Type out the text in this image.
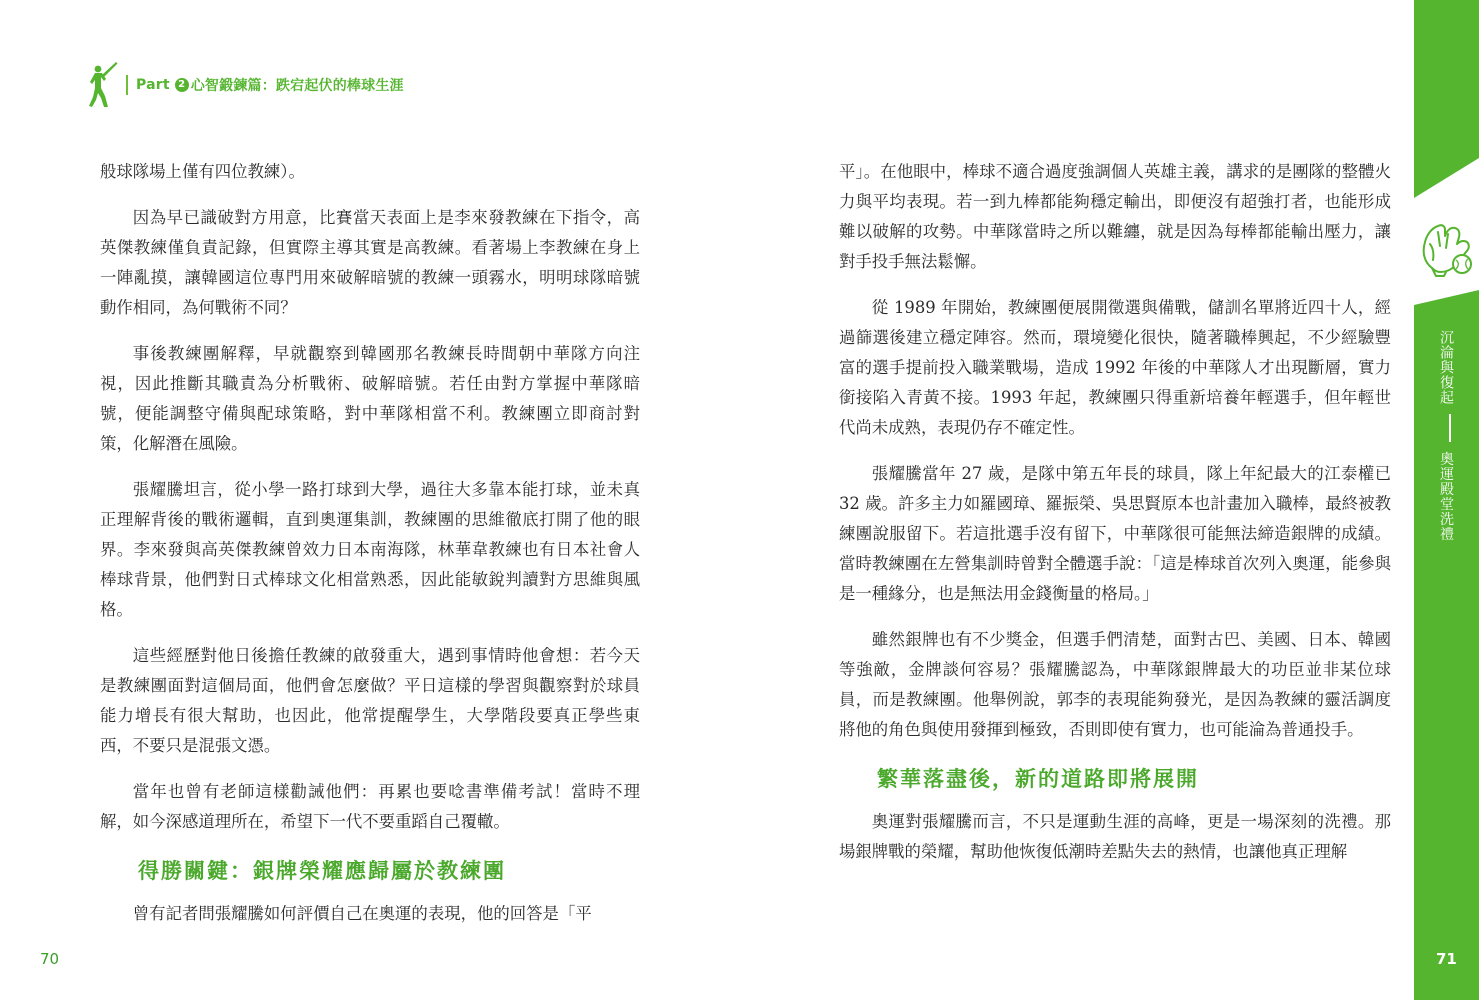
Part 2 心智鍛鍊篇：跌宕起伏的棒球生涯

般球隊場上僅有四位教練）。

因為早已識破對方用意，比賽當天表面上是李來發教練在下指令，高英傑教練僅負責記錄，但實際主導其實是高教練。看著場上李教練在身上一陣亂摸，讓韓國這位專門用來破解暗號的教練一頭霧水，明明球隊暗號動作相同，為何戰術不同？

事後教練團解釋，早就觀察到韓國那名教練長時間朝中華隊方向注視，因此推斷其職責為分析戰術、破解暗號。若任由對方掌握中華隊暗號，便能調整守備與配球策略，對中華隊相當不利。教練團立即商討對策，化解潛在風險。

張耀騰坦言，從小學一路打球到大學，過往大多靠本能打球，並未真正理解背後的戰術邏輯，直到奧運集訓，教練團的思維徹底打開了他的眼界。李來發與高英傑教練曾效力日本南海隊，林華韋教練也有日本社會人棒球背景，他們對日式棒球文化相當熟悉，因此能敏銳判讀對方思維與風格。

這些經歷對他日後擔任教練的啟發重大，遇到事情時他會想：若今天是教練團面對這個局面，他們會怎麼做？平日這樣的學習與觀察對於球員能力增長有很大幫助，也因此，他常提醒學生，大學階段要真正學些東西，不要只是混張文憑。

當年也曾有老師這樣勸誡他們：再累也要唸書準備考試！當時不理解，如今深感道理所在，希望下一代不要重蹈自己覆轍。

得勝關鍵：銀牌榮耀應歸屬於教練團

曾有記者問張耀騰如何評價自己在奧運的表現，他的回答是「平

平」。在他眼中，棒球不適合過度強調個人英雄主義，講求的是團隊的整體火力與平均表現。若一到九棒都能夠穩定輸出，即便沒有超強打者，也能形成難以破解的攻勢。中華隊當時之所以難纏，就是因為每棒都能輸出壓力，讓對手投手無法鬆懈。

從 1989 年開始，教練團便展開徵選與備戰，儲訓名單將近四十人，經過篩選後建立穩定陣容。然而，環境變化很快，隨著職棒興起，不少經驗豐富的選手提前投入職業戰場，造成 1992 年後的中華隊人才出現斷層，實力銜接陷入青黃不接。1993 年起，教練團只得重新培養年輕選手，但年輕世代尚未成熟，表現仍存不確定性。

張耀騰當年 27 歲，是隊中第五年長的球員，隊上年紀最大的江泰權已 32 歲。許多主力如羅國璋、羅振榮、吳思賢原本也計畫加入職棒，最終被教練團說服留下。若這批選手沒有留下，中華隊很可能無法締造銀牌的成績。當時教練團在左營集訓時曾對全體選手說：「這是棒球首次列入奧運，能參與是一種緣分，也是無法用金錢衡量的格局。」

雖然銀牌也有不少獎金，但選手們清楚，面對古巴、美國、日本、韓國等強敵，金牌談何容易？張耀騰認為，中華隊銀牌最大的功臣並非某位球員，而是教練團。他舉例說，郭李的表現能夠發光，是因為教練的靈活調度將他的角色與使用發揮到極致，否則即使有實力，也可能淪為普通投手。

繁華落盡後，新的道路即將展開

奧運對張耀騰而言，不只是運動生涯的高峰，更是一場深刻的洗禮。那場銀牌戰的榮耀，幫助他恢復低潮時差點失去的熱情，也讓他真正理解

70
沉淪與復起  奧運殿堂洗禮
71
